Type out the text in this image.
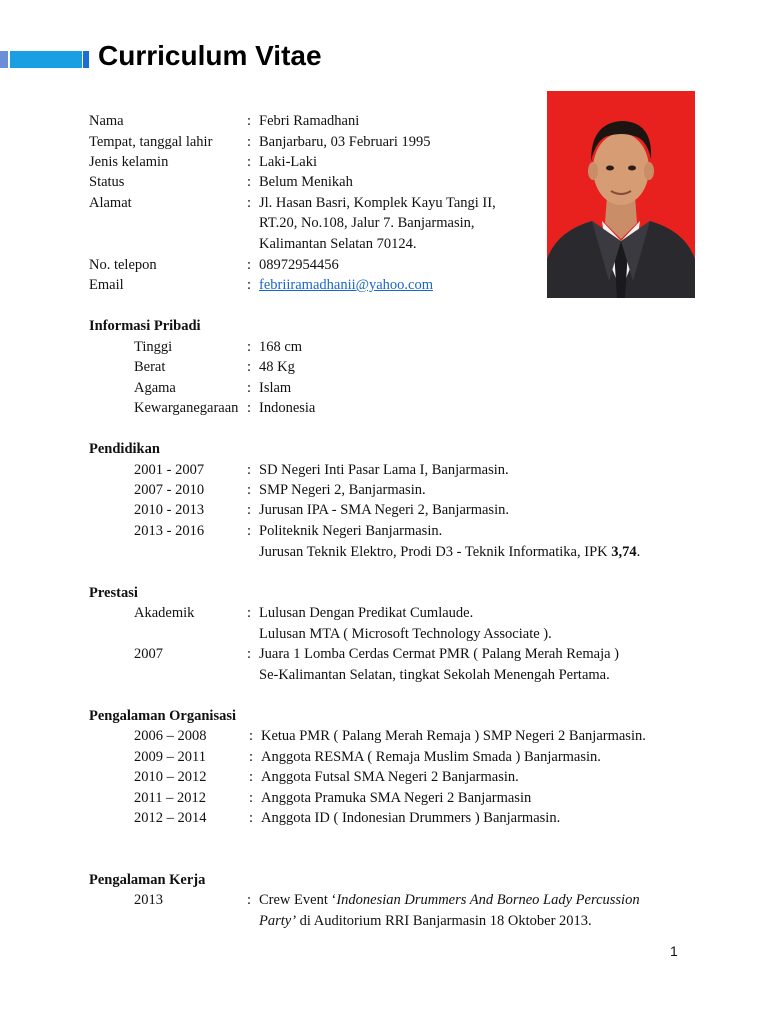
Curriculum Vitae
Nama	: Febri Ramadhani
Tempat, tanggal lahir : Banjarbaru, 03 Februari 1995
Jenis kelamin	: Laki-Laki
Status	: Belum Menikah
Alamat	: Jl. Hasan Basri, Komplek Kayu Tangi II,
RT.20, No.108, Jalur 7. Banjarmasin,
Kalimantan Selatan 70124.
No. telepon	: 08972954456
Email	: febriiramadhanii@yahoo.com
Informasi Pribadi
Tinggi	: 168 cm
Berat	: 48 Kg
Agama	: Islam
Kewarganegaraan : Indonesia
Pendidikan
2001 - 2007	: SD Negeri Inti Pasar Lama I, Banjarmasin.
2007 - 2010	: SMP Negeri 2, Banjarmasin.
2010 - 2013	: Jurusan IPA - SMA Negeri 2, Banjarmasin.
2013 - 2016	: Politeknik Negeri Banjarmasin.
Jurusan Teknik Elektro, Prodi D3 - Teknik Informatika, IPK 3,74.
Prestasi
Akademik	: Lulusan Dengan Predikat Cumlaude.
Lulusan MTA ( Microsoft Technology Associate ).
2007	: Juara 1 Lomba Cerdas Cermat PMR ( Palang Merah Remaja )
Se-Kalimantan Selatan, tingkat Sekolah Menengah Pertama.
Pengalaman Organisasi
2006 – 2008	: Ketua PMR ( Palang Merah Remaja ) SMP Negeri 2 Banjarmasin.
2009 – 2011	: Anggota RESMA ( Remaja Muslim Smada ) Banjarmasin.
2010 – 2012	: Anggota Futsal SMA Negeri 2 Banjarmasin.
2011 – 2012	: Anggota Pramuka SMA Negeri 2 Banjarmasin
2012 – 2014	: Anggota ID ( Indonesian Drummers ) Banjarmasin.
Pengalaman Kerja
2013	: Crew Event ‘Indonesian Drummers And Borneo Lady Percussion
Party’ di Auditorium RRI Banjarmasin 18 Oktober 2013.
1
